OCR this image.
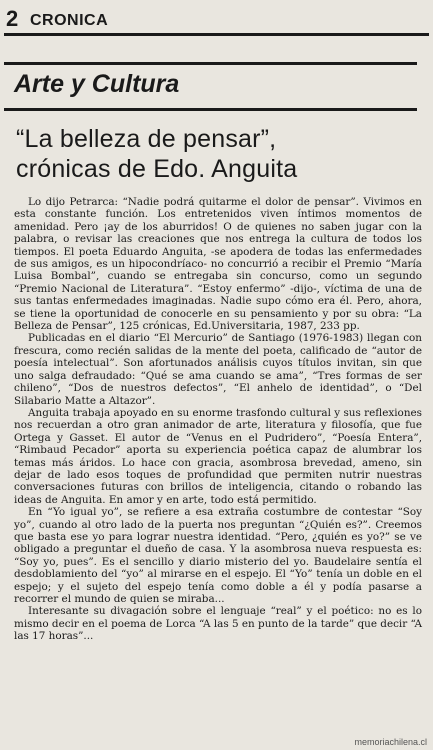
2 CRONICA
Arte y Cultura
“La belleza de pensar”,
crónicas de Edo. Anguita

Lo dijo Petrarca: “Nadie podrá quitarme el dolor de pensar”. Vivimos en esta constante función. Los entretenidos viven íntimos momentos de amenidad. Pero ¡ay de los aburridos! O de quienes no saben jugar con la palabra, o revisar las creaciones que nos entrega la cultura de todos los tiempos. El poeta Eduardo Anguita, -se apodera de todas las enfermedades de sus amigos, es un hipocondríaco- no concurrió a recibir el Premio “María Luisa Bombal”, cuando se entregaba sin concurso, como un segundo “Premio Nacional de Literatura”. “Estoy enfermo” -dijo-, víctima de una de sus tantas enfermedades imaginadas. Nadie supo cómo era él. Pero, ahora, se tiene la oportunidad de conocerle en su pensamiento y por su obra: “La Belleza de Pensar”, 125 crónicas, Ed.Universitaria, 1987, 233 pp.

Publicadas en el diario “El Mercurio” de Santiago (1976-1983) llegan con frescura, como recién salidas de la mente del poeta, calificado de “autor de poesía intelectual”. Son afortunados análisis cuyos títulos invitan, sin que uno salga defraudado: “Qué se ama cuando se ama”, “Tres formas de ser chileno”, “Dos de nuestros defectos”, “El anhelo de identidad”, o “Del Silabario Matte a Altazor”.

Anguita trabaja apoyado en su enorme trasfondo cultural y sus reflexiones nos recuerdan a otro gran animador de arte, literatura y filosofía, que fue Ortega y Gasset. El autor de “Venus en el Pudridero”, “Poesía Entera”, “Rimbaud Pecador” aporta su experiencia poética capaz de alumbrar los temas más áridos. Lo hace con gracia, asombrosa brevedad, ameno, sin dejar de lado esos toques de profundidad que permiten nutrir nuestras conversaciones futuras con brillos de inteligencia, citando o robando las ideas de Anguita. En amor y en arte, todo está permitido.

En “Yo igual yo”, se refiere a esa extraña costumbre de contestar “Soy yo”, cuando al otro lado de la puerta nos preguntan “¿Quién es?”. Creemos que basta ese yo para lograr nuestra identidad. “Pero, ¿quién es yo?” se ve obligado a preguntar el dueño de casa. Y la asombrosa nueva respuesta es: “Soy yo, pues”. Es el sencillo y diario misterio del yo. Baudelaire sentía el desdoblamiento del “yo” al mirarse en el espejo. El “Yo” tenía un doble en el espejo; y el sujeto del espejo tenía como doble a él y podía pasarse a recorrer el mundo de quien se miraba...

Interesante su divagación sobre el lenguaje “real” y el poético: no es lo mismo decir en el poema de Lorca “A las 5 en punto de la tarde” que decir “A las 17 horas”...

memoriachilena.cl
